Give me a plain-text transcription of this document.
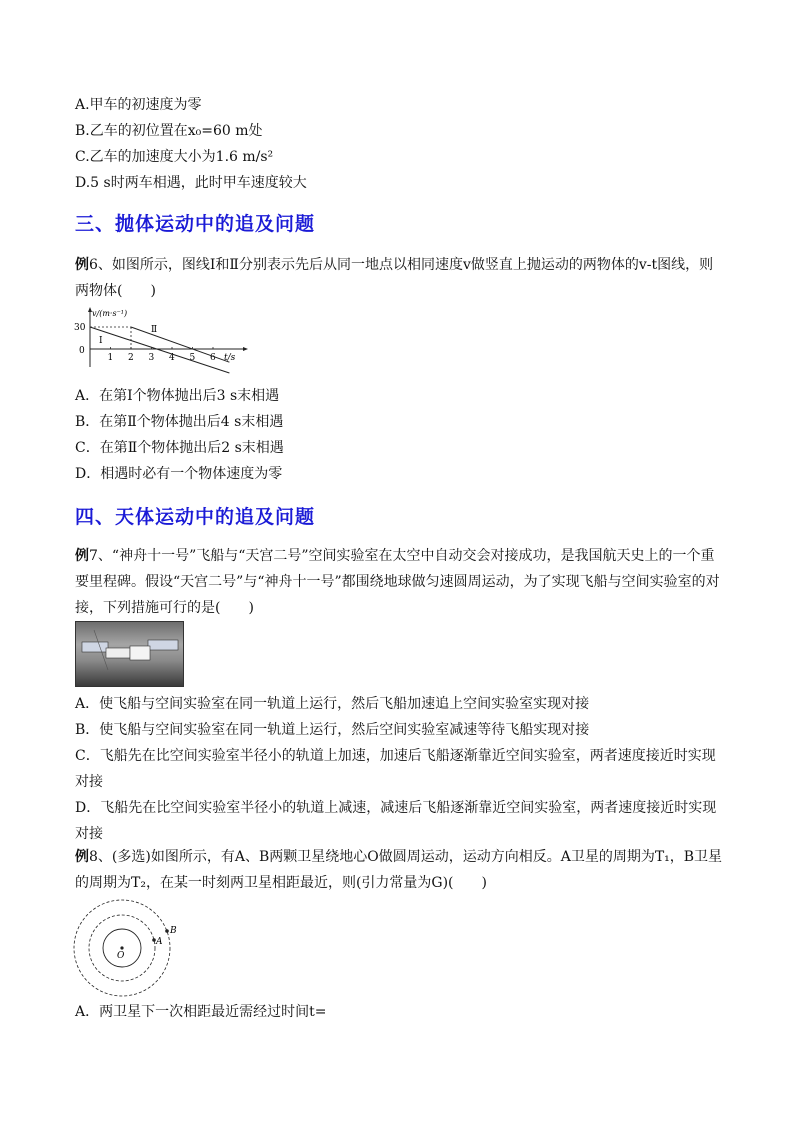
A.甲车的初速度为零
B.乙车的初位置在x₀=60 m处
C.乙车的加速度大小为1.6 m/s²
D.5 s时两车相遇，此时甲车速度较大
三、抛体运动中的追及问题
例6、如图所示，图线Ⅰ和Ⅱ分别表示先后从同一地点以相同速度v做竖直上抛运动的两物体的v-t图线，则两物体(　　)
v/(m·s⁻¹)
t/s
30
0
1 2 3 4 5 6
Ⅰ
Ⅱ
A．在第Ⅰ个物体抛出后3 s末相遇
B．在第Ⅱ个物体抛出后4 s末相遇
C．在第Ⅱ个物体抛出后2 s末相遇
D．相遇时必有一个物体速度为零
四、天体运动中的追及问题
例7、“神舟十一号”飞船与“天宫二号”空间实验室在太空中自动交会对接成功，是我国航天史上的一个重要里程碑。假设“天宫二号”与“神舟十一号”都围绕地球做匀速圆周运动，为了实现飞船与空间实验室的对接，下列措施可行的是(　　)
A．使飞船与空间实验室在同一轨道上运行，然后飞船加速追上空间实验室实现对接
B．使飞船与空间实验室在同一轨道上运行，然后空间实验室减速等待飞船实现对接
C．飞船先在比空间实验室半径小的轨道上加速，加速后飞船逐渐靠近空间实验室，两者速度接近时实现对接
D．飞船先在比空间实验室半径小的轨道上减速，减速后飞船逐渐靠近空间实验室，两者速度接近时实现对接
例8、(多选)如图所示，有A、B两颗卫星绕地心O做圆周运动，运动方向相反。A卫星的周期为T₁，B卫星的周期为T₂，在某一时刻两卫星相距最近，则(引力常量为G)(　　)
O
A
B
A．两卫星下一次相距最近需经过时间t=
